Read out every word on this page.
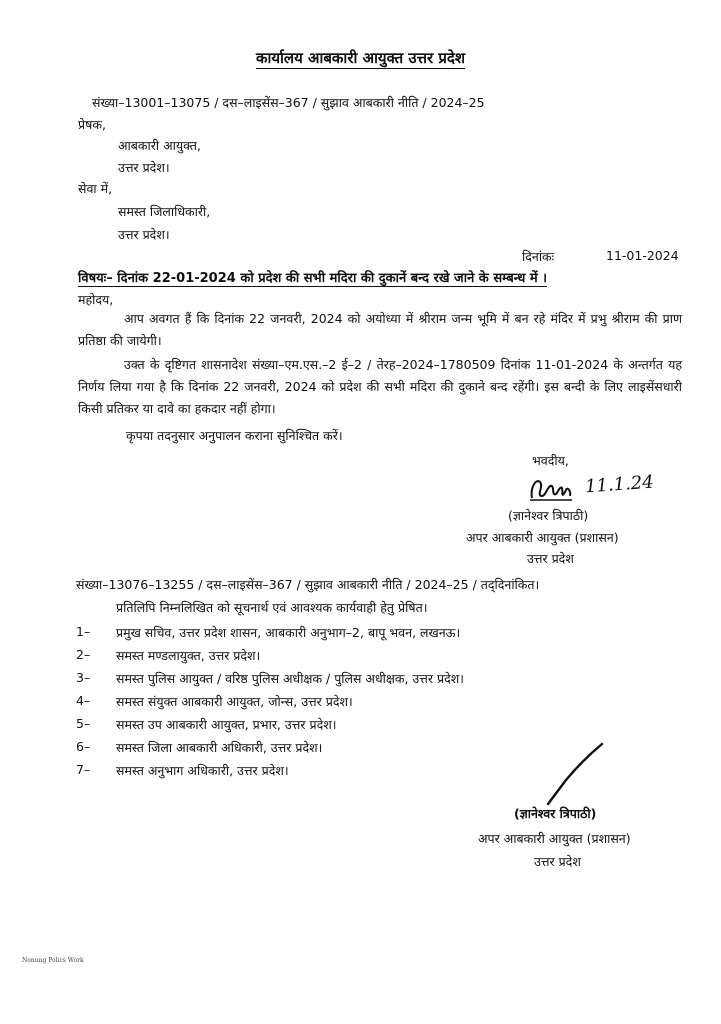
कार्यालय आबकारी आयुक्त उत्तर प्रदेश
संख्या–13001–13075 / दस–लाइसेंस–367 / सुझाव आबकारी नीति / 2024–25
प्रेषक,
आबकारी आयुक्त,
उत्तर प्रदेश।
सेवा में,
समस्त जिलाधिकारी,
उत्तर प्रदेश।
दिनांकः	11-01-2024
विषयः– दिनांक 22-01-2024 को प्रदेश की सभी मदिरा की दुकानें बन्द रखे जाने के सम्बन्ध में ।
महोदय,
आप अवगत हैं कि दिनांक 22 जनवरी, 2024 को अयोध्या में श्रीराम जन्म भूमि में बन रहे मंदिर में प्रभु श्रीराम की प्राण प्रतिष्ठा की जायेगी।
उक्त के दृष्टिगत शासनादेश संख्या–एम.एस.–2 ई–2 / तेरह–2024–1780509 दिनांक 11-01-2024 के अन्तर्गत यह निर्णय लिया गया है कि दिनांक 22 जनवरी, 2024 को प्रदेश की सभी मदिरा की दुकाने बन्द रहेंगी। इस बन्दी के लिए लाइसेंसधारी किसी प्रतिकर या दावे का हकदार नहीं होगा।
कृपया तदनुसार अनुपालन कराना सुनिश्चित करें।
भवदीय,
11.1.24
(ज्ञानेश्वर त्रिपाठी)
अपर आबकारी आयुक्त (प्रशासन)
उत्तर प्रदेश
संख्या–13076–13255 / दस–लाइसेंस–367 / सुझाव आबकारी नीति / 2024–25 / तद्‌दिनांकित।
प्रतिलिपि निम्नलिखित को सूचनार्थ एवं आवश्यक कार्यवाही हेतु प्रेषित।
1– प्रमुख सचिव, उत्तर प्रदेश शासन, आबकारी अनुभाग–2, बापू भवन, लखनऊ।
2– समस्त मण्डलायुक्त, उत्तर प्रदेश।
3– समस्त पुलिस आयुक्त / वरिष्ठ पुलिस अधीक्षक / पुलिस अधीक्षक, उत्तर प्रदेश।
4– समस्त संयुक्त आबकारी आयुक्त, जोन्स, उत्तर प्रदेश।
5– समस्त उप आबकारी आयुक्त, प्रभार, उत्तर प्रदेश।
6– समस्त जिला आबकारी अधिकारी, उत्तर प्रदेश।
7– समस्त अनुभाग अधिकारी, उत्तर प्रदेश।
(ज्ञानेश्वर त्रिपाठी)
अपर आबकारी आयुक्त (प्रशासन)
उत्तर प्रदेश
Nonung Polics Work
